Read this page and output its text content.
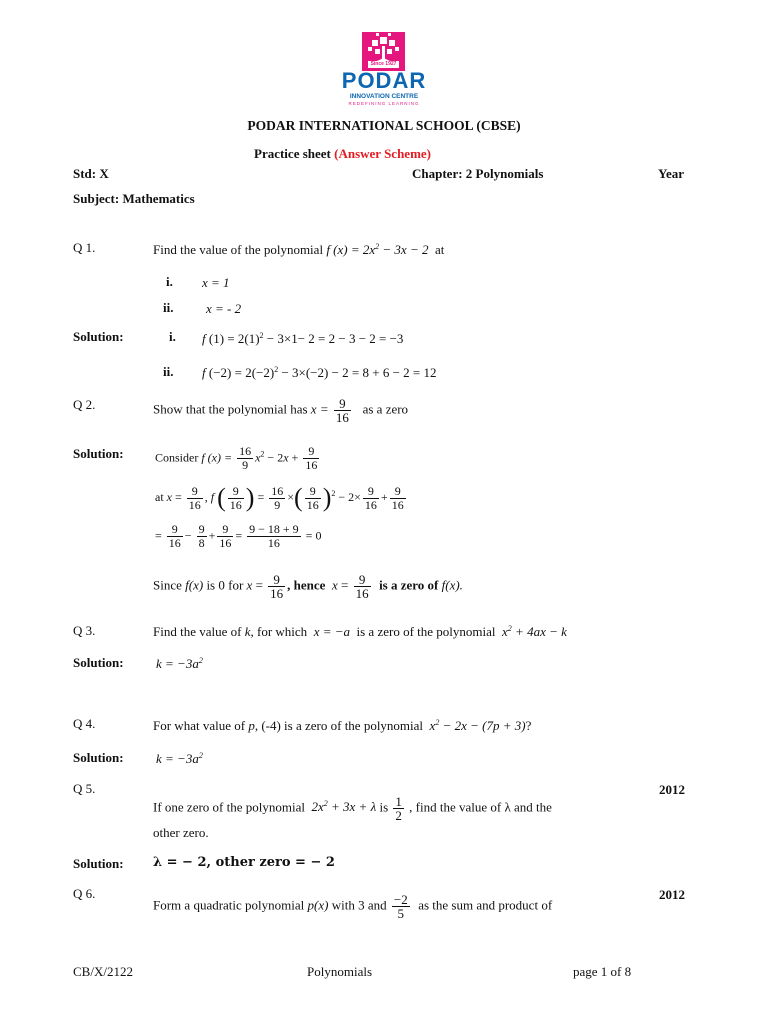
Since 1927
PODAR
INNOVATION CENTRE
REDEFINING LEARNING
PODAR INTERNATIONAL SCHOOL (CBSE)
Practice sheet (Answer Scheme)
Std: X	Chapter: 2 Polynomials	Year
Subject: Mathematics
Q 1.	Find the value of the polynomial f $(x) = 2x^2 - 3x - 2$ at
i. x = 1
ii.	x = - 2
Solution:	i. f $(1) = 2(1)^2 - 3\times 1- 2 = 2 - 3 - 2 = -3$
ii. f $(-2) = 2(-2)^2 - 3\times(-2) - 2 = 8 + 6 - 2 = 12$
Q 2.	Show that the polynomial has $x = \frac{9}{16}$ as a zero
Solution:	Consider f $(x) = \frac{16}{9} x^2 - 2x + \frac{9}{16}$
at $x = \frac{9}{16}$ , f ( $\frac{9}{16}$ ) = $\frac{16}{9}$ ×( $\frac{9}{16} )^2 - 2\times \frac{9}{16} + \frac{9}{16}$
= $\frac{9}{16} - \frac{9}{8} + \frac{9}{16} = \frac{9 - 18 + 9}{16} = 0$
Since f(x) is 0 for $x = \frac{9}{16}$ , hence $x = \frac{9}{16}$ is a zero of f(x).
Q 3.	Find the value of k, for which x = −a is a zero of the polynomial $x^2 + 4ax - k$
Solution: $k = -3a^2$
Q 4.	For what value of p, (-4) is a zero of the polynomial $x^2 - 2x - (7p + 3)$?
Solution: $k = -3a^2$
Q 5.	2012
If one zero of the polynomial $2x^2 + 3x + \lambda$ is $\frac{1}{2}$ , find the value of λ and the
other zero.
Solution: λ = − 2, other zero = − 2
Q 6.	2012
Form a quadratic polynomial p(x) with 3 and $\frac{-2}{5}$ as the sum and product of
CB/X/2122	Polynomials	page 1 of 8
